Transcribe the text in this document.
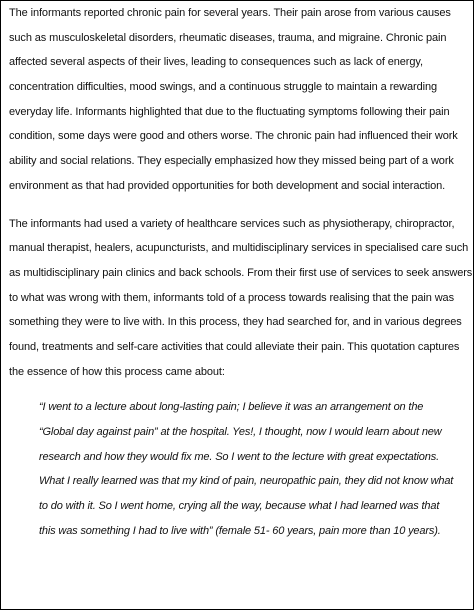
The informants reported chronic pain for several years. Their pain arose from various causes
such as musculoskeletal disorders, rheumatic diseases, trauma, and migraine. Chronic pain
affected several aspects of their lives, leading to consequences such as lack of energy,
concentration difficulties, mood swings, and a continuous struggle to maintain a rewarding
everyday life. Informants highlighted that due to the fluctuating symptoms following their pain
condition, some days were good and others worse. The chronic pain had influenced their work
ability and social relations. They especially emphasized how they missed being part of a work
environment as that had provided opportunities for both development and social interaction.

The informants had used a variety of healthcare services such as physiotherapy, chiropractor,
manual therapist, healers, acupuncturists, and multidisciplinary services in specialised care such
as multidisciplinary pain clinics and back schools. From their first use of services to seek answers
to what was wrong with them, informants told of a process towards realising that the pain was
something they were to live with. In this process, they had searched for, and in various degrees
found, treatments and self-care activities that could alleviate their pain. This quotation captures
the essence of how this process came about:

“I went to a lecture about long-lasting pain; I believe it was an arrangement on the
“Global day against pain” at the hospital. Yes!, I thought, now I would learn about new
research and how they would fix me. So I went to the lecture with great expectations.
What I really learned was that my kind of pain, neuropathic pain, they did not know what
to do with it. So I went home, crying all the way, because what I had learned was that
this was something I had to live with” (female 51- 60 years, pain more than 10 years).
